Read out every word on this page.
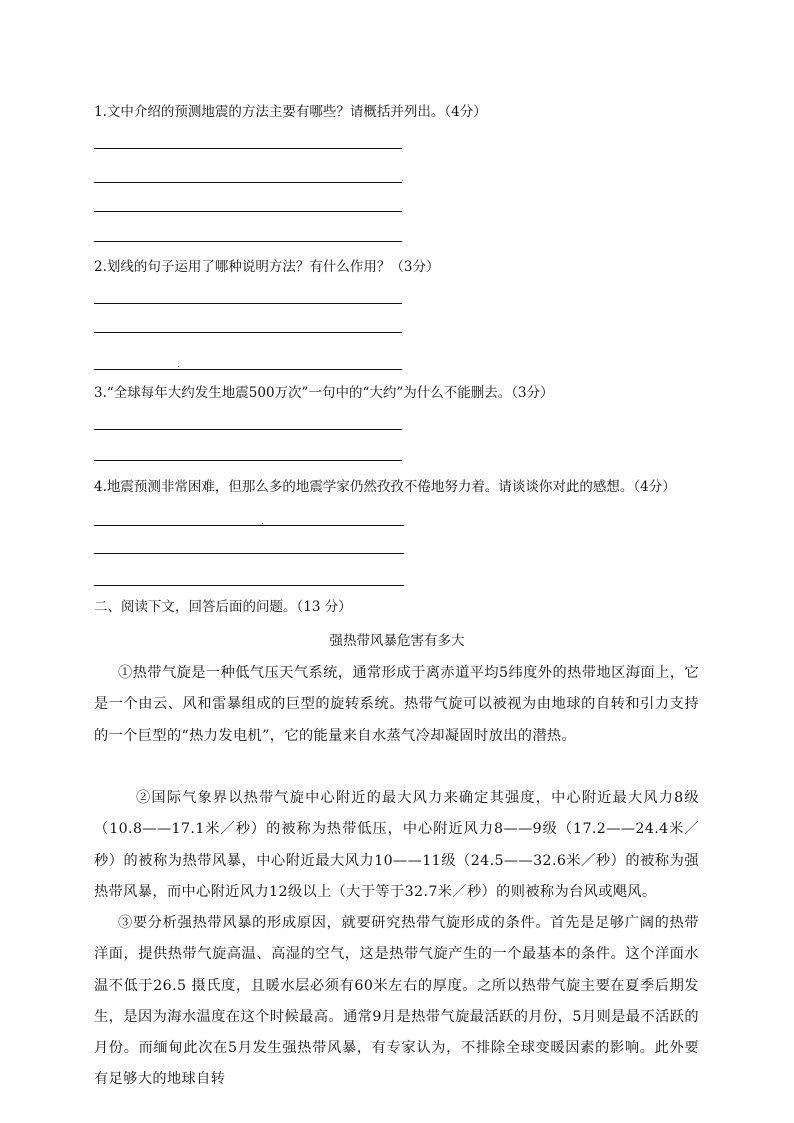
1.文中介绍的预测地震的方法主要有哪些？请概括并列出。（4分）
2.划线的句子运用了哪种说明方法？有什么作用？（3分）
3.“全球每年大约发生地震500万次”一句中的“大约”为什么不能删去。（3分）
4.地震预测非常困难，但那么多的地震学家仍然孜孜不倦地努力着。请谈谈你对此的感想。（4分）
二、阅读下文，回答后面的问题。（13 分）
强热带风暴危害有多大
①热带气旋是一种低气压天气系统，通常形成于离赤道平均5纬度外的热带地区海面上，它是一个由云、风和雷暴组成的巨型的旋转系统。热带气旋可以被视为由地球的自转和引力支持的一个巨型的“热力发电机”，它的能量来自水蒸气冷却凝固时放出的潜热。
②国际气象界以热带气旋中心附近的最大风力来确定其强度，中心附近最大风力8级（10.8——17.1米／秒）的被称为热带低压，中心附近风力8——9级（17.2——24.4米／秒）的被称为热带风暴，中心附近最大风力10——11级（24.5——32.6米／秒）的被称为强热带风暴，而中心附近风力12级以上（大于等于32.7米／秒）的则被称为台风或飓风。
③要分析强热带风暴的形成原因，就要研究热带气旋形成的条件。首先是足够广阔的热带洋面，提供热带气旋高温、高湿的空气，这是热带气旋产生的一个最基本的条件。这个洋面水温不低于26.5 摄氏度，且暖水层必须有60米左右的厚度。之所以热带气旋主要在夏季后期发生，是因为海水温度在这个时候最高。通常9月是热带气旋最活跃的月份，5月则是最不活跃的月份。而缅甸此次在5月发生强热带风暴，有专家认为，不排除全球变暖因素的影响。此外要有足够大的地球自转
